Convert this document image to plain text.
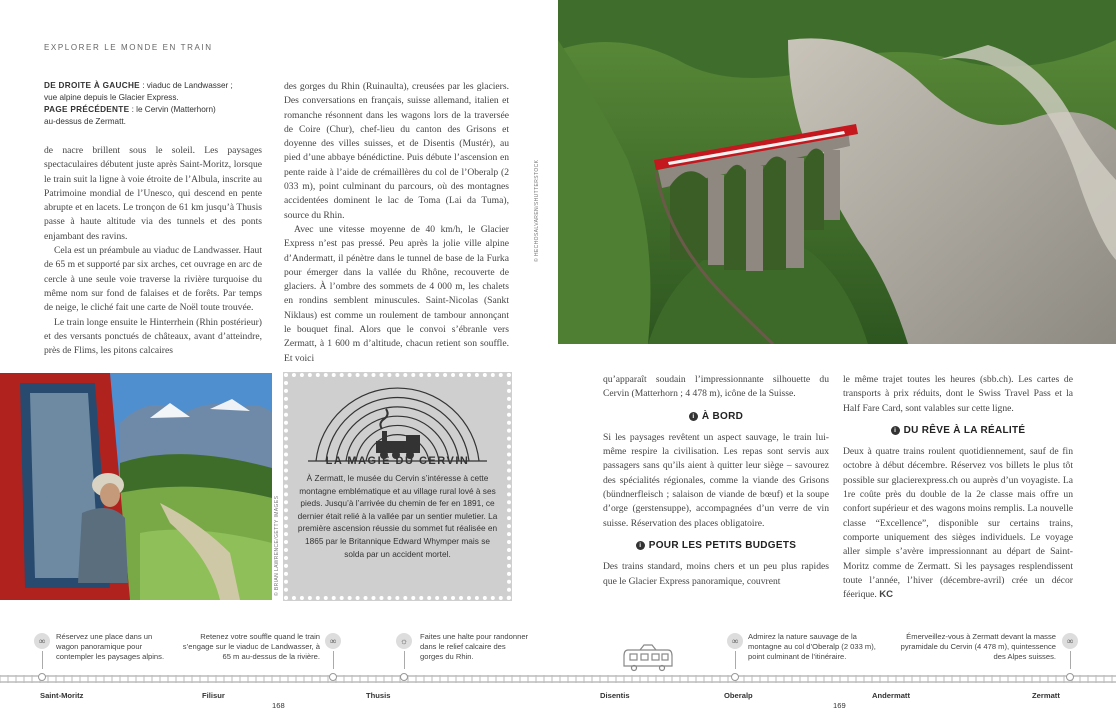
EXPLORER LE MONDE EN TRAIN
DE DROITE À GAUCHE : viaduc de Landwasser ;
vue alpine depuis le Glacier Express.
PAGE PRÉCÉDENTE : le Cervin (Matterhorn)
au-dessus de Zermatt.

de nacre brillent sous le soleil. Les paysages spectaculaires débutent juste après Saint-Moritz, lorsque le train suit la ligne à voie étroite de l’Albula, inscrite au Patrimoine mondial de l’Unesco, qui descend en pente abrupte et en lacets. Le tronçon de 61 km jusqu’à Thusis passe à haute altitude via des tunnels et des ponts enjambant des ravins.

Cela est un préambule au viaduc de Landwasser. Haut de 65 m et supporté par six arches, cet ouvrage en arc de cercle à une seule voie traverse la rivière turquoise du même nom sur fond de falaises et de forêts. Par temps de neige, le cliché fait une carte de Noël toute trouvée.

Le train longe ensuite le Hinterrhein (Rhin postérieur) et des versants ponctués de châteaux, avant d’atteindre, près de Flims, les pitons calcaires

des gorges du Rhin (Ruinaulta), creusées par les glaciers. Des conversations en français, suisse allemand, italien et romanche résonnent dans les wagons lors de la traversée de Coire (Chur), chef-lieu du canton des Grisons et doyenne des villes suisses, et de Disentis (Mustér), au pied d’une abbaye bénédictine. Puis débute l’ascension en pente raide à l’aide de crémaillères du col de l’Oberalp (2 033 m), point culminant du parcours, où des montagnes accidentées dominent le lac de Toma (Lai da Tuma), source du Rhin.

Avec une vitesse moyenne de 40 km/h, le Glacier Express n’est pas pressé. Peu après la jolie ville alpine d’Andermatt, il pénètre dans le tunnel de base de la Furka pour émerger dans la vallée du Rhône, recouverte de glaciers. À l’ombre des sommets de 4 000 m, les chalets en rondins semblent minuscules. Saint-Nicolas (Sankt Niklaus) est comme un roulement de tambour annonçant le bouquet final. Alors que le convoi s’ébranle vers Zermatt, à 1 600 m d’altitude, chacun retient son souffle. Et voici

© HECHOSALVAREN/SHUTTERSTOCK
© BRIAN LAWRENCE/GETTY IMAGES
LA MAGIE DU CERVIN
À Zermatt, le musée du Cervin s’intéresse à cette montagne emblématique et au village rural lové à ses pieds. Jusqu’à l’arrivée du chemin de fer en 1891, ce dernier était relié à la vallée par un sentier muletier. La première ascension réussie du sommet fut réalisée en 1865 par le Britannique Edward Whymper mais se solda par un accident mortel.

qu’apparaît soudain l’impressionnante silhouette du Cervin (Matterhorn ; 4 478 m), icône de la Suisse.

i À BORD

Si les paysages revêtent un aspect sauvage, le train lui-même respire la civilisation. Les repas sont servis aux passagers sans qu’ils aient à quitter leur siège – savourez des spécialités régionales, comme la viande des Grisons (bündnerfleisch ; salaison de viande de bœuf) et la soupe d’orge (gerstensuppe), accompagnées d’un verre de vin suisse. Réservation des places obligatoire.

i POUR LES PETITS BUDGETS

Des trains standard, moins chers et un peu plus rapides que le Glacier Express panoramique, couvrent

le même trajet toutes les heures (sbb.ch). Les cartes de transports à prix réduits, dont le Swiss Travel Pass et la Half Fare Card, sont valables sur cette ligne.

i DU RÊVE À LA RÉALITÉ

Deux à quatre trains roulent quotidiennement, sauf de fin octobre à début décembre. Réservez vos billets le plus tôt possible sur glacierexpress.ch ou auprès d’un voyagiste. La 1re coûte près du double de la 2e classe mais offre un confort supérieur et des wagons moins remplis. La nouvelle classe “Excellence”, disponible sur certains trains, comporte uniquement des sièges individuels. Le voyage aller simple s’avère impressionnant au départ de Saint-Moritz comme de Zermatt. Si les paysages resplendissent toute l’année, l’hiver (décembre-avril) crée un décor féerique. KC

∞	Réservez une place dans un wagon panoramique pour contempler les paysages alpins.
Retenez votre souffle quand le train s’engage sur le viaduc de Landwasser, à 65 m au-dessus de la rivière.
∞	☼	Faites une halte pour randonner dans le relief calcaire des gorges du Rhin.
∞	Admirez la nature sauvage de la montagne au col d’Oberalp (2 033 m), point culminant de l’itinéraire.
Émerveillez-vous à Zermatt devant la masse pyramidale du Cervin (4 478 m), quintessence des Alpes suisses.
∞
Saint-Moritz	Filisur	Thusis	Disentis	Oberalp	Andermatt	Zermatt
168	169
